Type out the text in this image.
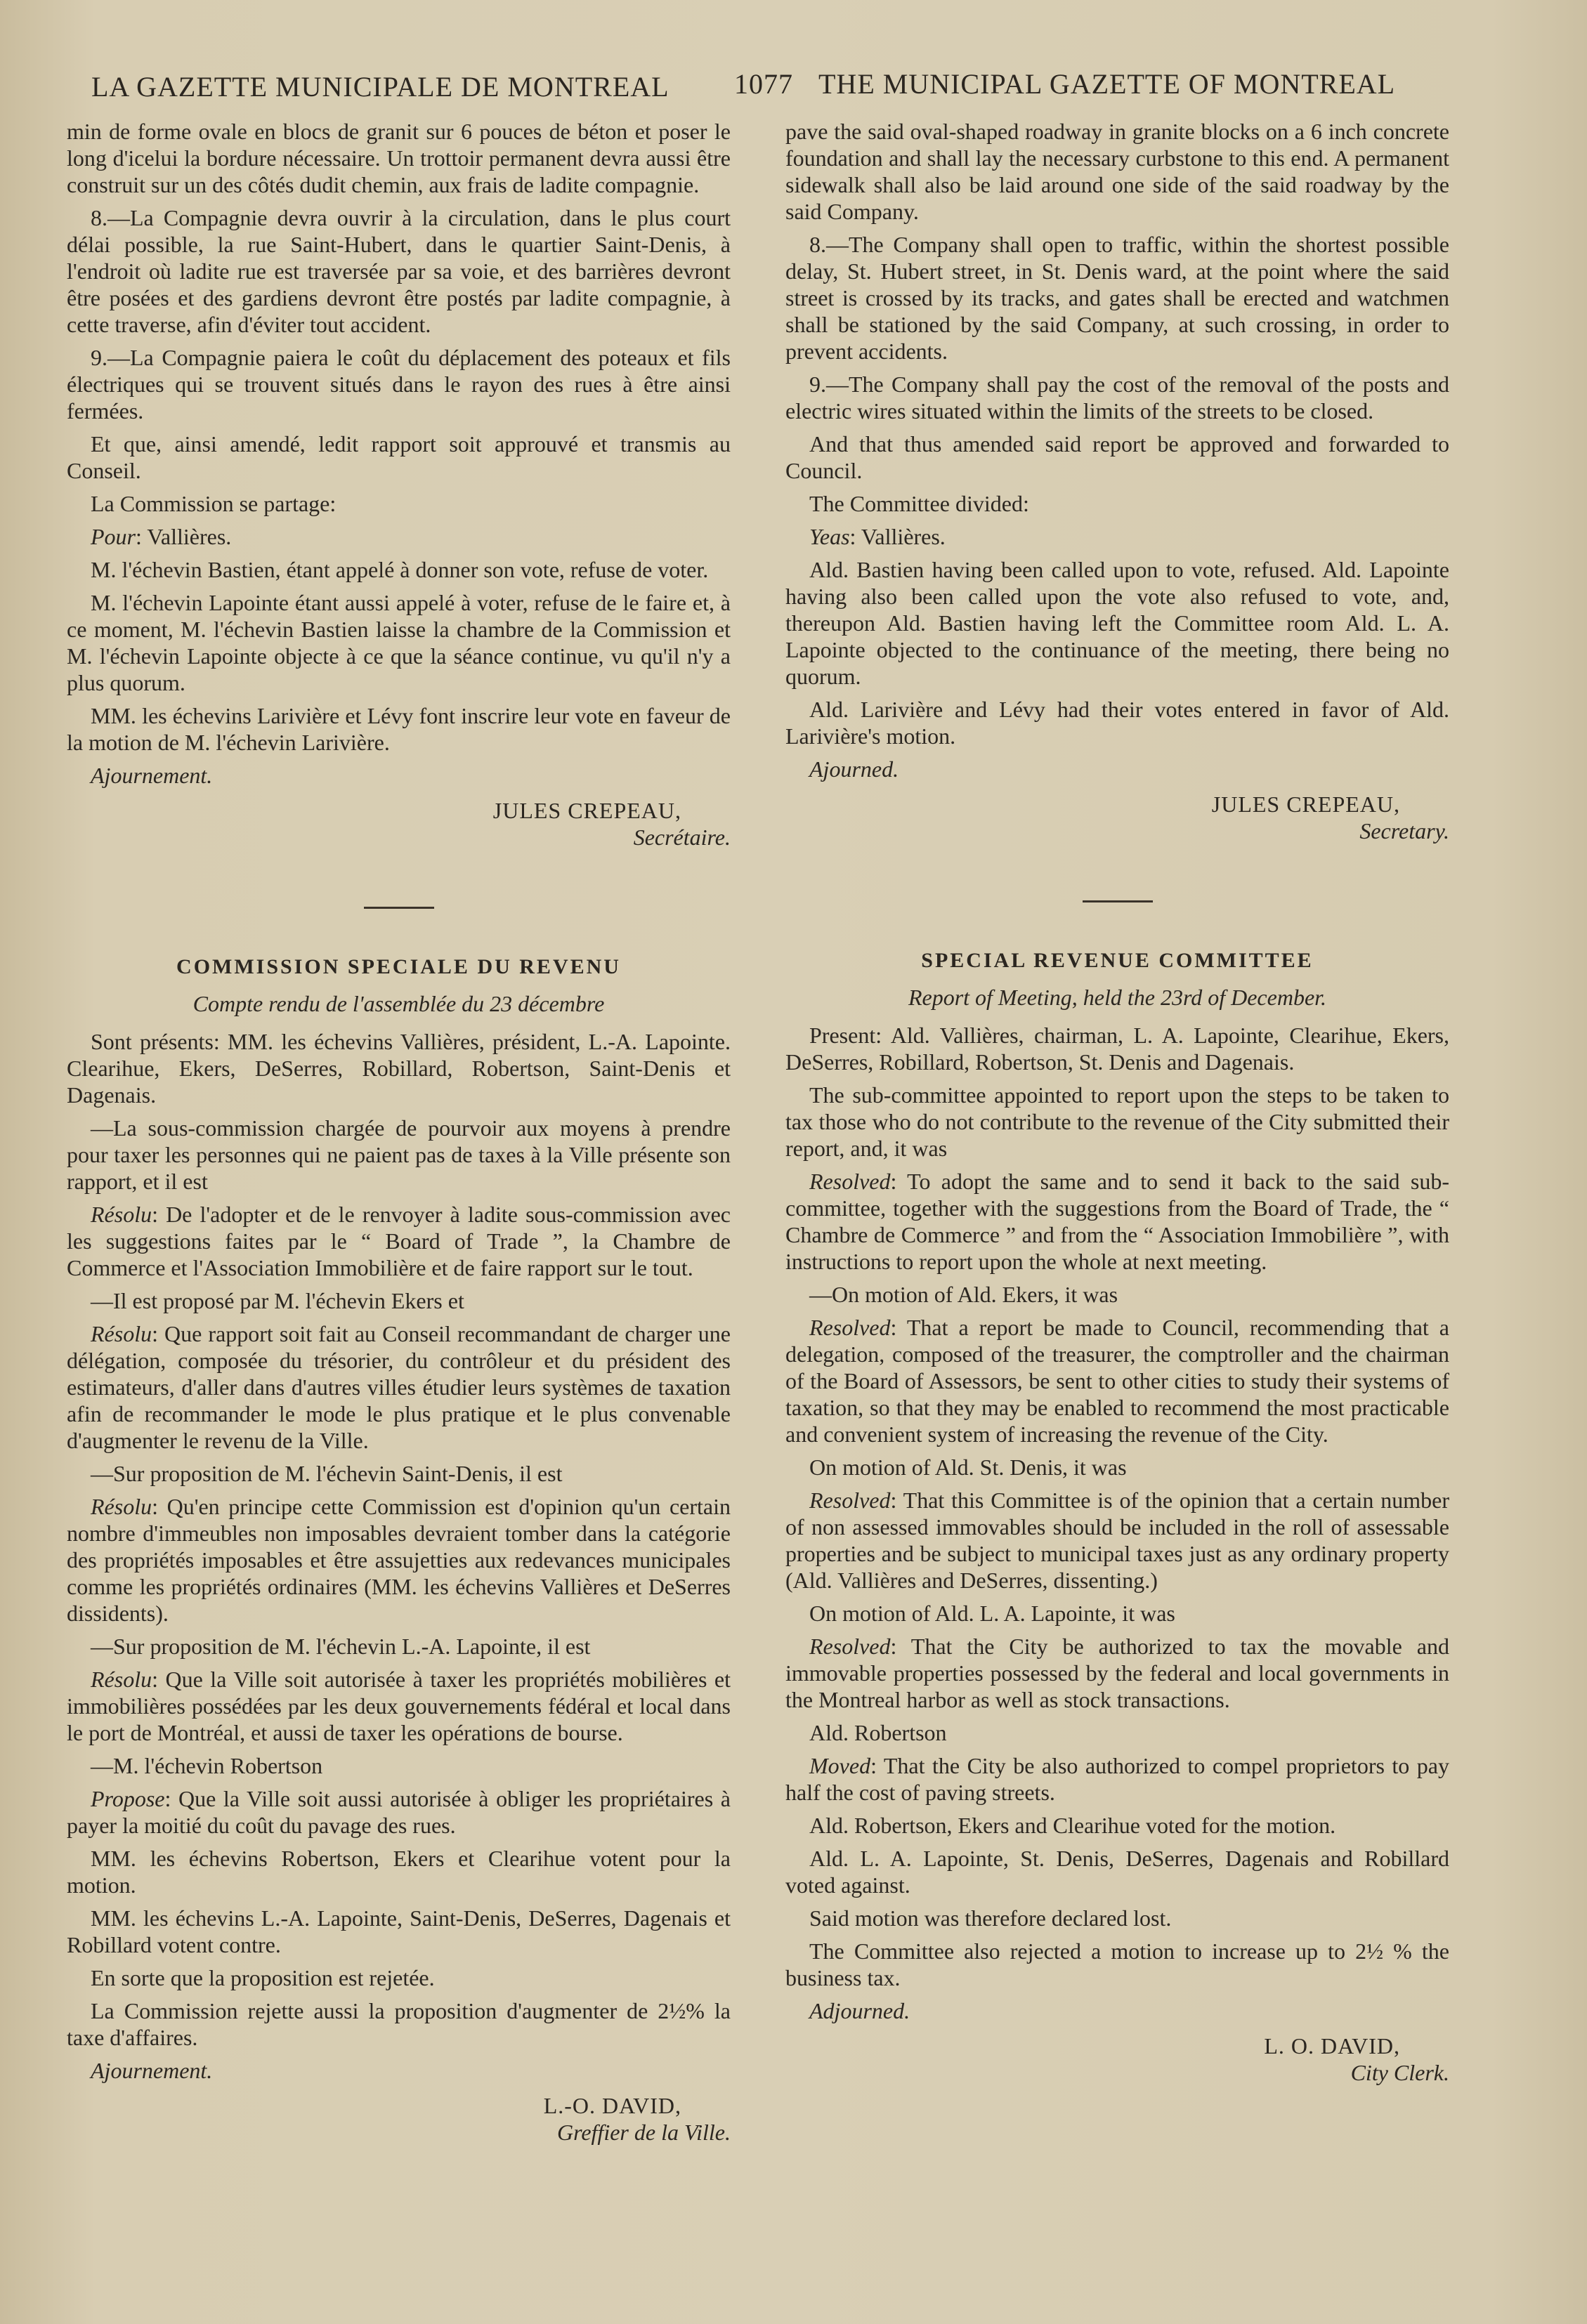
LA GAZETTE MUNICIPALE DE MONTREAL 1077 THE MUNICIPAL GAZETTE OF MONTREAL

min de forme ovale en blocs de granit sur 6 pouces de béton et poser le long d'icelui la bordure nécessaire. Un trottoir permanent devra aussi être construit sur un des côtés dudit chemin, aux frais de ladite compagnie.

8.—La Compagnie devra ouvrir à la circulation, dans le plus court délai possible, la rue Saint-Hubert, dans le quartier Saint-Denis, à l'endroit où ladite rue est traversée par sa voie, et des barrières devront être posées et des gardiens devront être postés par ladite compagnie, à cette traverse, afin d'éviter tout accident.

9.—La Compagnie paiera le coût du déplacement des poteaux et fils électriques qui se trouvent situés dans le rayon des rues à être ainsi fermées.

Et que, ainsi amendé, ledit rapport soit approuvé et transmis au Conseil.

La Commission se partage:

Pour: Vallières.

M. l'échevin Bastien, étant appelé à donner son vote, refuse de voter.

M. l'échevin Lapointe étant aussi appelé à voter, refuse de le faire et, à ce moment, M. l'échevin Bastien laisse la chambre de la Commission et M. l'échevin Lapointe objecte à ce que la séance continue, vu qu'il n'y a plus quorum.

MM. les échevins Larivière et Lévy font inscrire leur vote en faveur de la motion de M. l'échevin Larivière.

Ajournement.

JULES CREPEAU,
Secrétaire.
COMMISSION SPECIALE DU REVENU
Compte rendu de l'assemblée du 23 décembre

Sont présents: MM. les échevins Vallières, président, L.-A. Lapointe. Clearihue, Ekers, DeSerres, Robillard, Robertson, Saint-Denis et Dagenais.

—La sous-commission chargée de pourvoir aux moyens à prendre pour taxer les personnes qui ne paient pas de taxes à la Ville présente son rapport, et il est

Résolu: De l'adopter et de le renvoyer à ladite sous-commission avec les suggestions faites par le “ Board of Trade ”, la Chambre de Commerce et l'Association Immobilière et de faire rapport sur le tout.

—Il est proposé par M. l'échevin Ekers et

Résolu: Que rapport soit fait au Conseil recommandant de charger une délégation, composée du trésorier, du contrôleur et du président des estimateurs, d'aller dans d'autres villes étudier leurs systèmes de taxation afin de recommander le mode le plus pratique et le plus convenable d'augmenter le revenu de la Ville.

—Sur proposition de M. l'échevin Saint-Denis, il est

Résolu: Qu'en principe cette Commission est d'opinion qu'un certain nombre d'immeubles non imposables devraient tomber dans la catégorie des propriétés imposables et être assujetties aux redevances municipales comme les propriétés ordinaires (MM. les échevins Vallières et DeSerres dissidents).

—Sur proposition de M. l'échevin L.-A. Lapointe, il est

Résolu: Que la Ville soit autorisée à taxer les propriétés mobilières et immobilières possédées par les deux gouvernements fédéral et local dans le port de Montréal, et aussi de taxer les opérations de bourse.

—M. l'échevin Robertson

Propose: Que la Ville soit aussi autorisée à obliger les propriétaires à payer la moitié du coût du pavage des rues.

MM. les échevins Robertson, Ekers et Clearihue votent pour la motion.

MM. les échevins L.-A. Lapointe, Saint-Denis, DeSerres, Dagenais et Robillard votent contre.

En sorte que la proposition est rejetée.

La Commission rejette aussi la proposition d'augmenter de 2½% la taxe d'affaires.

Ajournement.

L.-O. DAVID,
Greffier de la Ville.

pave the said oval-shaped roadway in granite blocks on a 6 inch concrete foundation and shall lay the necessary curbstone to this end. A permanent sidewalk shall also be laid around one side of the said roadway by the said Company.

8.—The Company shall open to traffic, within the shortest possible delay, St. Hubert street, in St. Denis ward, at the point where the said street is crossed by its tracks, and gates shall be erected and watchmen shall be stationed by the said Company, at such crossing, in order to prevent accidents.

9.—The Company shall pay the cost of the removal of the posts and electric wires situated within the limits of the streets to be closed.

And that thus amended said report be approved and forwarded to Council.

The Committee divided:

Yeas: Vallières.

Ald. Bastien having been called upon to vote, refused. Ald. Lapointe having also been called upon the vote also refused to vote, and, thereupon Ald. Bastien having left the Committee room Ald. L. A. Lapointe objected to the continuance of the meeting, there being no quorum.

Ald. Larivière and Lévy had their votes entered in favor of Ald. Larivière's motion.

Ajourned.

JULES CREPEAU,
Secretary.
SPECIAL REVENUE COMMITTEE
Report of Meeting, held the 23rd of December.

Present: Ald. Vallières, chairman, L. A. Lapointe, Clearihue, Ekers, DeSerres, Robillard, Robertson, St. Denis and Dagenais.

The sub-committee appointed to report upon the steps to be taken to tax those who do not contribute to the revenue of the City submitted their report, and, it was

Resolved: To adopt the same and to send it back to the said sub-committee, together with the suggestions from the Board of Trade, the “ Chambre de Commerce ” and from the “ Association Immobilière ”, with instructions to report upon the whole at next meeting.

—On motion of Ald. Ekers, it was

Resolved: That a report be made to Council, recommending that a delegation, composed of the treasurer, the comptroller and the chairman of the Board of Assessors, be sent to other cities to study their systems of taxation, so that they may be enabled to recommend the most practicable and convenient system of increasing the revenue of the City.

On motion of Ald. St. Denis, it was

Resolved: That this Committee is of the opinion that a certain number of non assessed immovables should be included in the roll of assessable properties and be subject to municipal taxes just as any ordinary property (Ald. Vallières and DeSerres, dissenting.)

On motion of Ald. L. A. Lapointe, it was

Resolved: That the City be authorized to tax the movable and immovable properties possessed by the federal and local governments in the Montreal harbor as well as stock transactions.

Ald. Robertson

Moved: That the City be also authorized to compel proprietors to pay half the cost of paving streets.

Ald. Robertson, Ekers and Clearihue voted for the motion.

Ald. L. A. Lapointe, St. Denis, DeSerres, Dagenais and Robillard voted against.

Said motion was therefore declared lost.

The Committee also rejected a motion to increase up to 2½ % the business tax.

Adjourned.

L. O. DAVID,
City Clerk.
